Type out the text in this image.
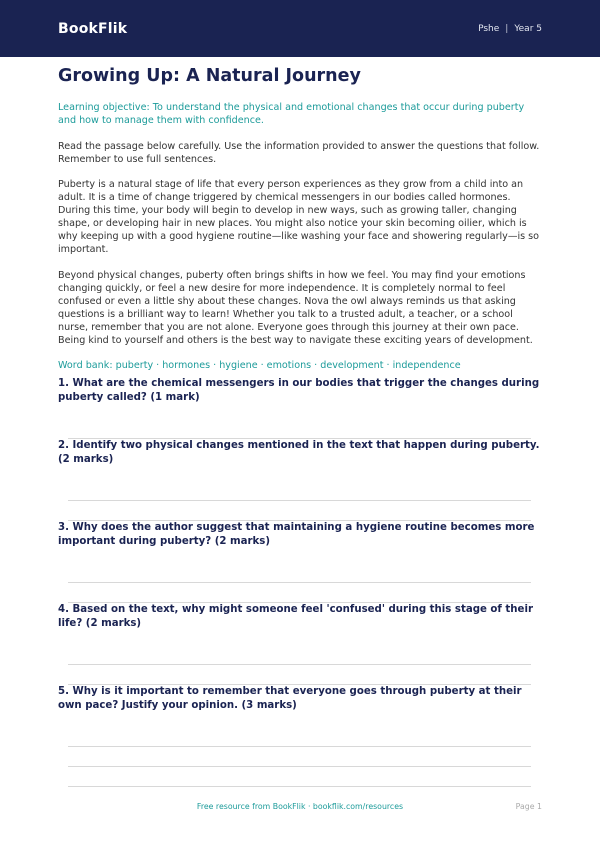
BookFlik	Pshe | Year 5
Growing Up: A Natural Journey

Learning objective: To understand the physical and emotional changes that occur during puberty and how to manage them with confidence.

Read the passage below carefully. Use the information provided to answer the questions that follow. Remember to use full sentences.

Puberty is a natural stage of life that every person experiences as they grow from a child into an adult. It is a time of change triggered by chemical messengers in our bodies called hormones. During this time, your body will begin to develop in new ways, such as growing taller, changing shape, or developing hair in new places. You might also notice your skin becoming oilier, which is why keeping up with a good hygiene routine—like washing your face and showering regularly—is so important.

Beyond physical changes, puberty often brings shifts in how we feel. You may find your emotions changing quickly, or feel a new desire for more independence. It is completely normal to feel confused or even a little shy about these changes. Nova the owl always reminds us that asking questions is a brilliant way to learn! Whether you talk to a trusted adult, a teacher, or a school nurse, remember that you are not alone. Everyone goes through this journey at their own pace. Being kind to yourself and others is the best way to navigate these exciting years of development.

Word bank: puberty · hormones · hygiene · emotions · development · independence

1. What are the chemical messengers in our bodies that trigger the changes during puberty called? (1 mark)

2. Identify two physical changes mentioned in the text that happen during puberty. (2 marks)

3. Why does the author suggest that maintaining a hygiene routine becomes more important during puberty? (2 marks)

4. Based on the text, why might someone feel 'confused' during this stage of their life? (2 marks)

5. Why is it important to remember that everyone goes through puberty at their own pace? Justify your opinion. (3 marks)

Free resource from BookFlik · bookflik.com/resources	Page 1
